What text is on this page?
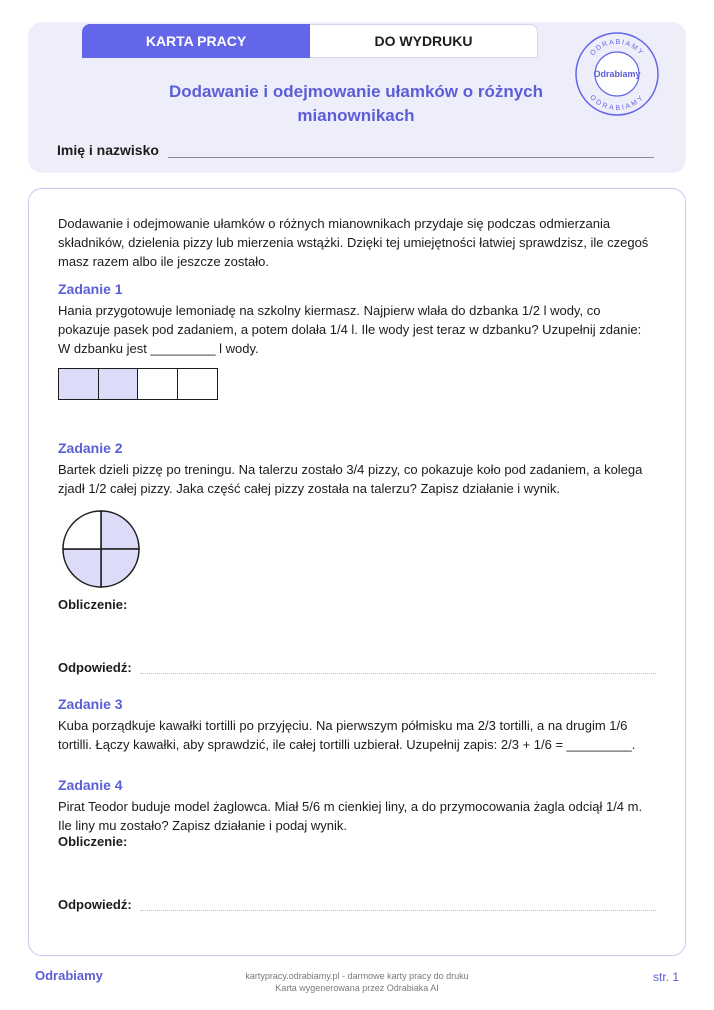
KARTA PRACY	DO WYDRUKU
Dodawanie i odejmowanie ułamków o różnych
mianownikach
Imię i nazwisko
ODRABIAMY
ODRABIAMY
Odrabiamy
Dodawanie i odejmowanie ułamków o różnych mianownikach przydaje się podczas odmierzania
składników, dzielenia pizzy lub mierzenia wstążki. Dzięki tej umiejętności łatwiej sprawdzisz, ile czegoś
masz razem albo ile jeszcze zostało.
Zadanie 1
Hania przygotowuje lemoniadę na szkolny kiermasz. Najpierw wlała do dzbanka 1/2 l wody, co
pokazuje pasek pod zadaniem, a potem dolała 1/4 l. Ile wody jest teraz w dzbanku? Uzupełnij zdanie:
W dzbanku jest _________ l wody.
Zadanie 2
Bartek dzieli pizzę po treningu. Na talerzu zostało 3/4 pizzy, co pokazuje koło pod zadaniem, a kolega
zjadł 1/2 całej pizzy. Jaka część całej pizzy została na talerzu? Zapisz działanie i wynik.
Obliczenie:
Odpowiedź:
Zadanie 3
Kuba porządkuje kawałki tortilli po przyjęciu. Na pierwszym półmisku ma 2/3 tortilli, a na drugim 1/6
tortilli. Łączy kawałki, aby sprawdzić, ile całej tortilli uzbierał. Uzupełnij zapis: 2/3 + 1/6 = _________.
Zadanie 4
Pirat Teodor buduje model żaglowca. Miał 5/6 m cienkiej liny, a do przymocowania żagla odciął 1/4 m.
Ile liny mu zostało? Zapisz działanie i podaj wynik.
Obliczenie:
Odpowiedź:
Odrabiamy	kartypracy.odrabiamy.pl - darmowe karty pracy do druku
Karta wygenerowana przez Odrabiaka AI
str. 1
